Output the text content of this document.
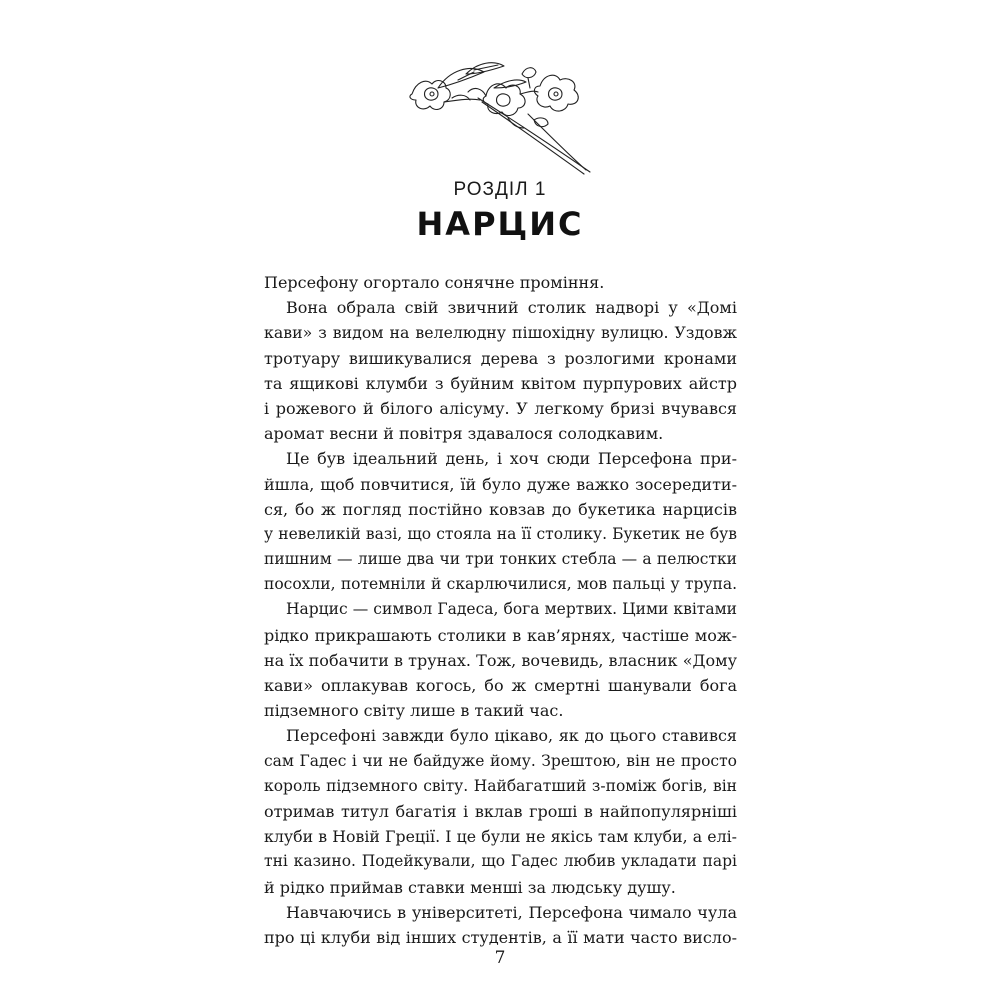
РОЗДІЛ 1
НАРЦИС
Персефону огортало сонячне проміння.
Вона обрала свій звичний столик надворі у «Домі
кави» з видом на велелюдну пішохідну вулицю. Уздовж
тротуару вишикувалися дерева з розлогими кронами
та ящикові клумби з буйним квітом пурпурових айстр
і рожевого й білого алісуму. У легкому бризі вчувався
аромат весни й повітря здавалося солодкавим.
Це був ідеальний день, і хоч сюди Персефона при-
йшла, щоб повчитися, їй було дуже важко зосередити-
ся, бо ж погляд постійно ковзав до букетика нарцисів
у невеликій вазі, що стояла на її столику. Букетик не був
пишним — лише два чи три тонких стебла — а пелюстки
посохли, потемніли й скарлючилися, мов пальці у трупа.
Нарцис — символ Гадеса, бога мертвих. Цими квітами
рідко прикрашають столики в кав’ярнях, частіше мож-
на їх побачити в трунах. Тож, вочевидь, власник «Дому
кави» оплакував когось, бо ж смертні шанували бога
підземного світу лише в такий час.
Персефоні завжди було цікаво, як до цього ставився
сам Гадес і чи не байдуже йому. Зрештою, він не просто
король підземного світу. Найбагатший з-поміж богів, він
отримав титул багатія і вклав гроші в найпопулярніші
клуби в Новій Греції. І це були не якісь там клуби, а елі-
тні казино. Подейкували, що Гадес любив укладати парі
й рідко приймав ставки менші за людську душу.
Навчаючись в університеті, Персефона чимало чула
про ці клуби від інших студентів, а її мати часто висло-
7
